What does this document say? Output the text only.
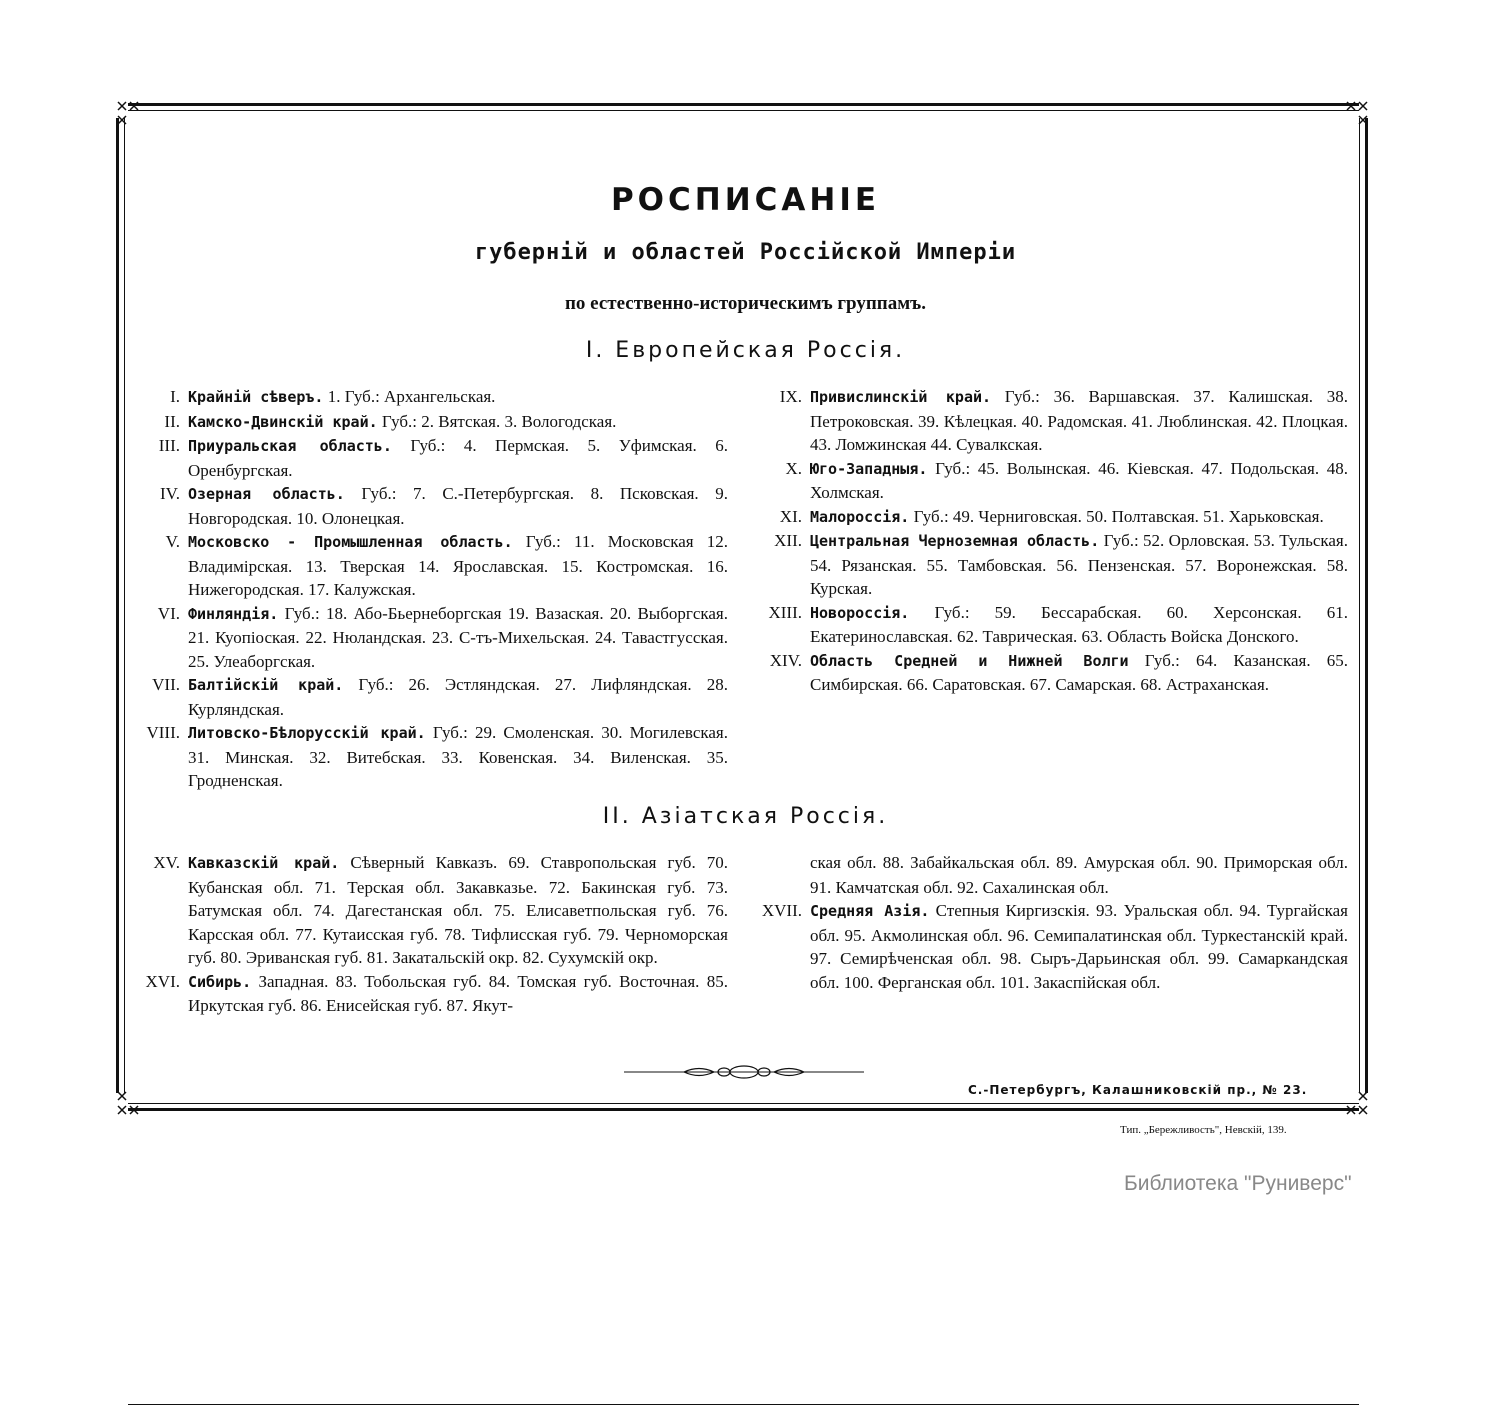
РОСПИСАНІЕ
губерній и областей Россійской Имперіи
по естественно-историческимъ группамъ.
I. Европейская Россія.
I. Крайній сѣверъ. 1. Губ.: Архангельская.
II. Камско-Двинскій край. Губ.: 2. Вятская. 3. Вологодская.
III. Приуральская область. Губ.: 4. Пермская. 5. Уфимская. 6. Оренбургская.
IV. Озерная область. Губ.: 7. С.-Петербургская. 8. Псковская. 9. Новгородская. 10. Олонецкая.
V. Московско - Промышленная область. Губ.: 11. Московская 12. Владимірская. 13. Тверская 14. Ярославская. 15. Костромская. 16. Нижегородская. 17. Калужская.
VI. Финляндія. Губ.: 18. Або-Бьернеборгская 19. Вазаская. 20. Выборгская. 21. Куопіоская. 22. Нюландская. 23. С-тъ-Михельская. 24. Тавастгусская. 25. Улеаборгская.
VII. Балтійскій край. Губ.: 26. Эстляндская. 27. Лифляндская. 28. Курляндская.
VIII. Литовско-Бѣлорусскій край. Губ.: 29. Смоленская. 30. Могилевская. 31. Минская. 32. Витебская. 33. Ковенская. 34. Виленская. 35. Гродненская.
IX. Привислинскій край. Губ.: 36. Варшавская. 37. Калишская. 38. Петроковская. 39. Кѣлецкая. 40. Радомская. 41. Люблинская. 42. Плоцкая. 43. Ломжинская 44. Сувалкская.
X. Юго-Западныя. Губ.: 45. Волынская. 46. Кіевская. 47. Подольская. 48. Холмская.
XI. Малороссія. Губ.: 49. Черниговская. 50. Полтавская. 51. Харьковская.
XII. Центральная Черноземная область. Губ.: 52. Орловская. 53. Тульская. 54. Рязанская. 55. Тамбовская. 56. Пензенская. 57. Воронежская. 58. Курская.
XIII. Новороссія. Губ.: 59. Бессарабская. 60. Херсонская. 61. Екатеринославская. 62. Таврическая. 63. Область Войска Донского.
XIV. Область Средней и Нижней Волги Губ.: 64. Казанская. 65. Симбирская. 66. Саратовская. 67. Самарская. 68. Астраханская.
II. Азіатская Россія.
XV. Кавказскій край. Сѣверный Кавказъ. 69. Ставропольская губ. 70. Кубанская обл. 71. Терская обл. Закавказье. 72. Бакинская губ. 73. Батумская обл. 74. Дагестанская обл. 75. Елисаветпольская губ. 76. Карсская обл. 77. Кутаисская губ. 78. Тифлисская губ. 79. Черноморская губ. 80. Эриванская губ. 81. Закатальскій окр. 82. Сухумскій окр.
XVI. Сибирь. Западная. 83. Тобольская губ. 84. Томская губ. Восточная. 85. Иркутская губ. 86. Енисейская губ. 87. Якут-
ская обл. 88. Забайкальская обл. 89. Амурская обл. 90. Приморская обл. 91. Камчатская обл. 92. Сахалинская обл.
XVII. Средняя Азія. Степныя Киргизскія. 93. Уральская обл. 94. Тургайская обл. 95. Акмолинская обл. 96. Семипалатинская обл. Туркестанскій край. 97. Семирѣченская обл. 98. Сыръ-Дарьинская обл. 99. Самаркандская обл. 100. Ферганская обл. 101. Закаспійская обл.
С.-Петербургъ, Калашниковскій пр., № 23.
Тип. „Бережливость", Невскій, 139.
Библиотека "Руниверс"
